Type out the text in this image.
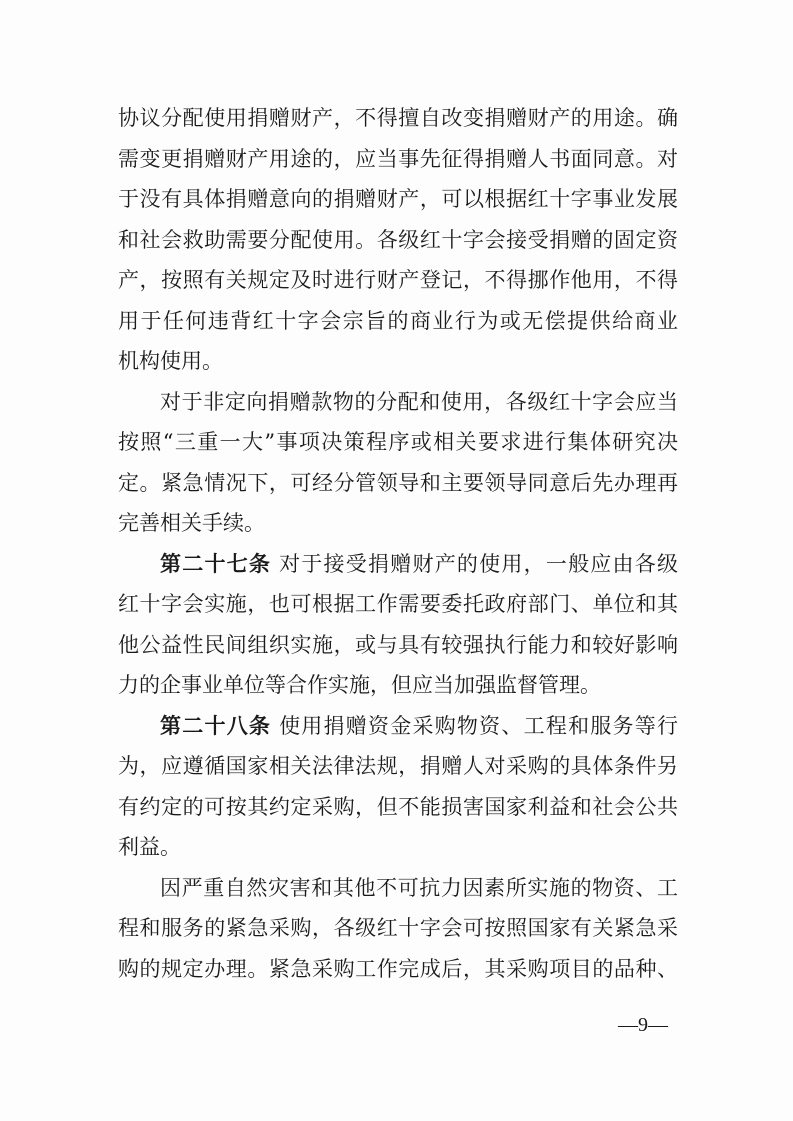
协议分配使用捐赠财产，不得擅自改变捐赠财产的用途。确
需变更捐赠财产用途的，应当事先征得捐赠人书面同意。对
于没有具体捐赠意向的捐赠财产，可以根据红十字事业发展
和社会救助需要分配使用。各级红十字会接受捐赠的固定资
产，按照有关规定及时进行财产登记，不得挪作他用，不得
用于任何违背红十字会宗旨的商业行为或无偿提供给商业
机构使用。
对于非定向捐赠款物的分配和使用，各级红十字会应当
按照“三重一大”事项决策程序或相关要求进行集体研究决
定。紧急情况下，可经分管领导和主要领导同意后先办理再
完善相关手续。
第二十七条 对于接受捐赠财产的使用，一般应由各级
红十字会实施，也可根据工作需要委托政府部门、单位和其
他公益性民间组织实施，或与具有较强执行能力和较好影响
力的企事业单位等合作实施，但应当加强监督管理。
第二十八条 使用捐赠资金采购物资、工程和服务等行
为，应遵循国家相关法律法规，捐赠人对采购的具体条件另
有约定的可按其约定采购，但不能损害国家利益和社会公共
利益。
因严重自然灾害和其他不可抗力因素所实施的物资、工
程和服务的紧急采购，各级红十字会可按照国家有关紧急采
购的规定办理。紧急采购工作完成后，其采购项目的品种、
—9—
